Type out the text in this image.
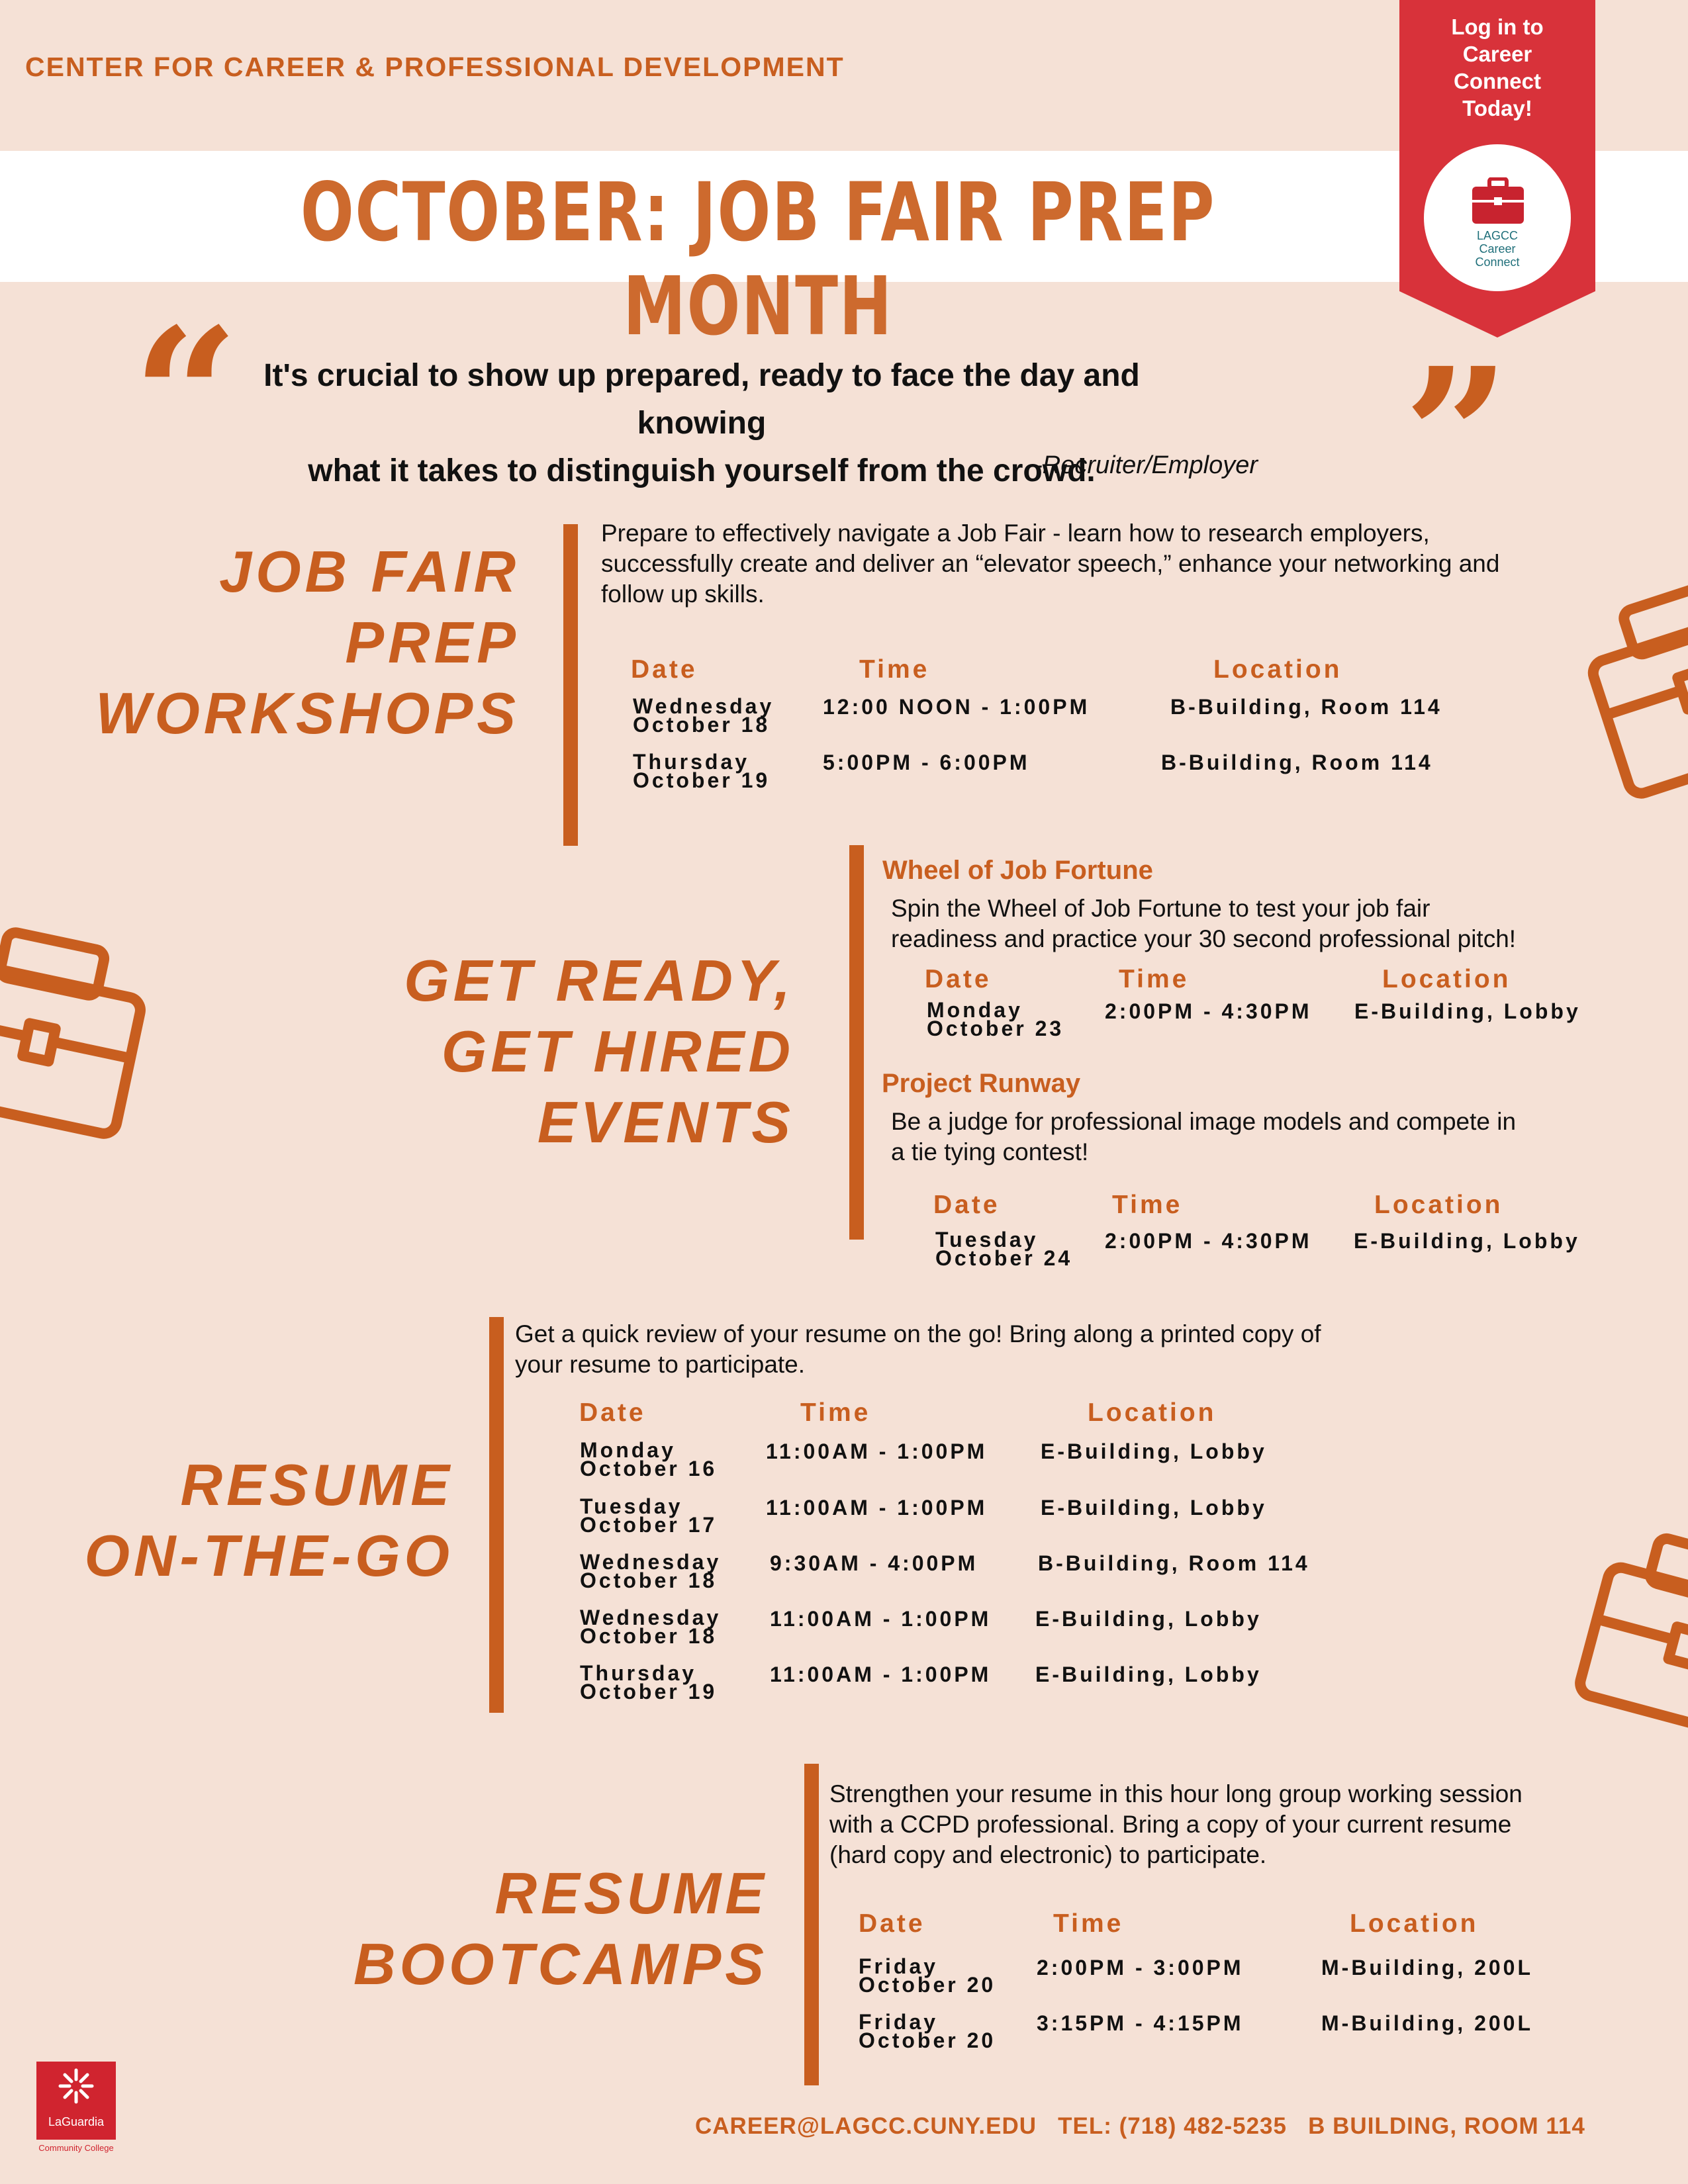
CENTER FOR CAREER & PROFESSIONAL DEVELOPMENT
OCTOBER: JOB FAIR PREP MONTH
Log in to
Career
Connect
Today!
LAGCC
Career
Connect
“	”
It's crucial to show up prepared, ready to face the day and knowing
what it takes to distinguish yourself from the crowd.
-Recruiter/Employer
JOB FAIR
PREP
WORKSHOPS
Prepare to effectively navigate a Job Fair - learn how to research employers,
successfully create and deliver an “elevator speech,” enhance your networking and
follow up skills.
Date	Time	Location
Wednesday
October 18
12:00 NOON - 1:00PM	B-Building, Room 114
Thursday
October 19
5:00PM - 6:00PM	B-Building, Room 114
GET READY,
GET HIRED
EVENTS
Wheel of Job Fortune
Spin the Wheel of Job Fortune to test your job fair
readiness and practice your 30 second professional pitch!
Date	Time	Location
Monday
October 23
2:00PM - 4:30PM E-Building, Lobby
Project Runway
Be a judge for professional image models and compete in
a tie tying contest!
Date	Time	Location
Tuesday
October 24
2:00PM - 4:30PM E-Building, Lobby
RESUME
ON-THE-GO
Get a quick review of your resume on the go! Bring along a printed copy of
your resume to participate.
Date	Time	Location
Monday
October 16
11:00AM - 1:00PM	E-Building, Lobby
Tuesday
October 17
11:00AM - 1:00PM	E-Building, Lobby
Wednesday
October 18
9:30AM - 4:00PM	B-Building, Room 114
Wednesday
October 18
11:00AM - 1:00PM E-Building, Lobby
Thursday
October 19
11:00AM - 1:00PM E-Building, Lobby
RESUME
BOOTCAMPS
Strengthen your resume in this hour long group working session
with a CCPD professional. Bring a copy of your current resume
(hard copy and electronic) to participate.
Date	Time	Location
Friday
October 20
2:00PM - 3:00PM	M-Building, 200L
Friday
October 20
3:15PM - 4:15PM	M-Building, 200L
LaGuardia
Community College
CAREER@LAGCC.CUNY.EDU   TEL: (718) 482-5235   B BUILDING, ROOM 114
